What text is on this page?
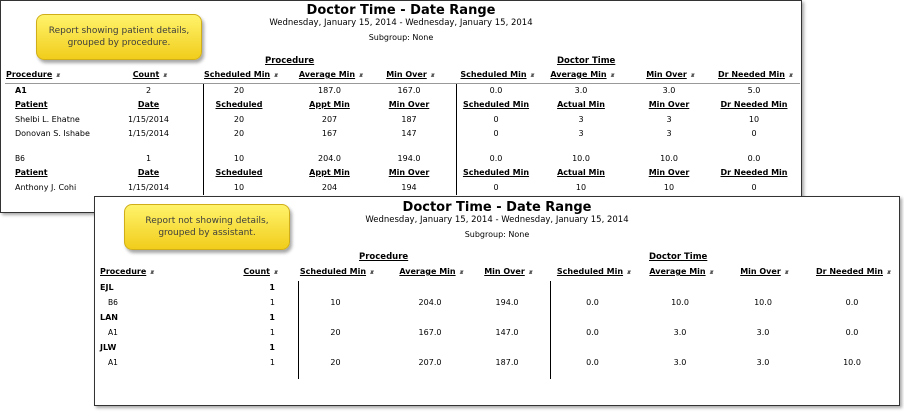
Doctor Time - Date Range
Wednesday, January 15, 2014 - Wednesday, January 15, 2014
Subgroup: None
Procedure	Doctor Time
Procedure ▴▾	Count ▴▾	Scheduled Min ▴▾	Average Min ▴▾	Min Over ▴▾	Scheduled Min ▴▾	Average Min ▴▾	Min Over ▴▾	Dr Needed Min ▴▾
A1	2	20	187.0	167.0	0.0	3.0	3.0	5.0
Patient	Date	Scheduled	Appt Min	Min Over	Scheduled Min	Actual Min	Min Over	Dr Needed Min
Shelbi L. Ehatne	1/15/2014	20	207	187	0	3	3	10
Donovan S. Ishabe	1/15/2014	20	167	147	0	3	3	0
B6	1	10	204.0	194.0	0.0	10.0	10.0	0.0
Patient	Date	Scheduled	Appt Min	Min Over	Scheduled Min	Actual Min	Min Over	Dr Needed Min
Anthony J. Cohi	1/15/2014	10	204	194	0	10	10	0
Report showing patient details, grouped by procedure.
Doctor Time - Date Range
Wednesday, January 15, 2014 - Wednesday, January 15, 2014
Subgroup: None
Procedure	Doctor Time
Procedure ▴▾	Count ▴▾	Scheduled Min ▴▾	Average Min ▴▾	Min Over ▴▾	Scheduled Min ▴▾	Average Min ▴▾	Min Over ▴▾	Dr Needed Min ▴▾
EJL	1
B6	1	10	204.0	194.0	0.0	10.0	10.0	0.0
LAN	1
A1	1	20	167.0	147.0	0.0	3.0	3.0	0.0
JLW	1
A1	1	20	207.0	187.0	0.0	3.0	3.0	10.0
Report not showing details, grouped by assistant.
